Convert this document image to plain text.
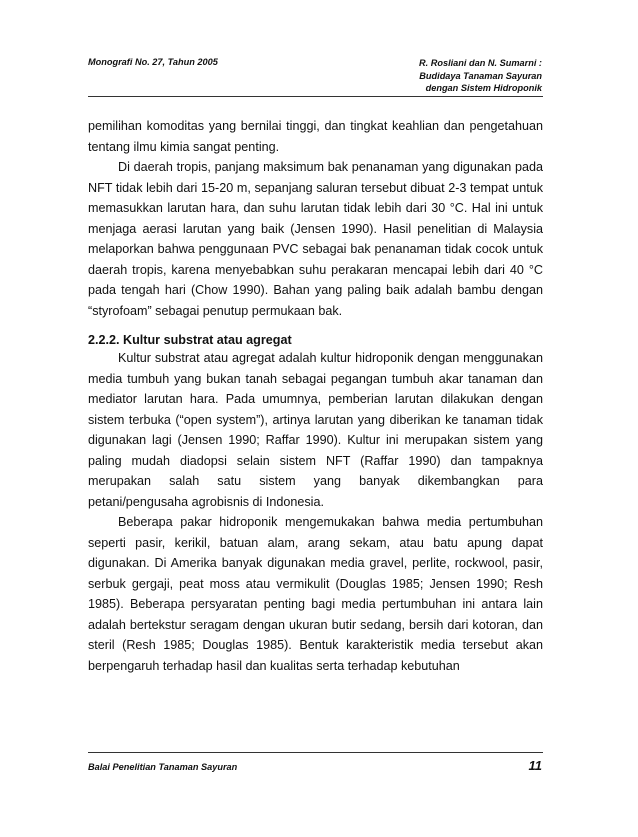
Monografi No. 27, Tahun 2005	R. Rosliani dan N. Sumarni :
Budidaya Tanaman Sayuran
dengan Sistem Hidroponik

pemilihan komoditas yang bernilai tinggi, dan tingkat keahlian dan pengetahuan tentang ilmu kimia sangat penting.

Di daerah tropis, panjang maksimum bak penanaman yang digunakan pada NFT tidak lebih dari 15-20 m, sepanjang saluran tersebut dibuat 2-3 tempat untuk memasukkan larutan hara, dan suhu larutan tidak lebih dari 30 °C. Hal ini untuk menjaga aerasi larutan yang baik (Jensen 1990). Hasil penelitian di Malaysia melaporkan bahwa penggunaan PVC sebagai bak penanaman tidak cocok untuk daerah tropis, karena menyebabkan suhu perakaran mencapai lebih dari 40 °C pada tengah hari (Chow 1990). Bahan yang paling baik adalah bambu dengan “styrofoam” sebagai penutup permukaan bak.

2.2.2. Kultur substrat atau agregat

Kultur substrat atau agregat adalah kultur hidroponik dengan menggunakan media tumbuh yang bukan tanah sebagai pegangan tumbuh akar tanaman dan mediator larutan hara. Pada umumnya, pemberian larutan dilakukan dengan sistem terbuka (“open system”), artinya larutan yang diberikan ke tanaman tidak digunakan lagi (Jensen 1990; Raffar 1990). Kultur ini merupakan sistem yang paling mudah diadopsi selain sistem NFT (Raffar 1990) dan tampaknya merupakan salah satu sistem yang banyak dikembangkan para petani/pengusaha agrobisnis di Indonesia.

Beberapa pakar hidroponik mengemukakan bahwa media pertumbuhan seperti pasir, kerikil, batuan alam, arang sekam, atau batu apung dapat digunakan. Di Amerika banyak digunakan media gravel, perlite, rockwool, pasir, serbuk gergaji, peat moss atau vermikulit (Douglas 1985; Jensen 1990; Resh 1985). Beberapa persyaratan penting bagi media pertumbuhan ini antara lain adalah bertekstur seragam dengan ukuran butir sedang, bersih dari kotoran, dan steril (Resh 1985; Douglas 1985). Bentuk karakteristik media tersebut akan berpengaruh terhadap hasil dan kualitas serta terhadap kebutuhan

Balai Penelitian Tanaman Sayuran	11
